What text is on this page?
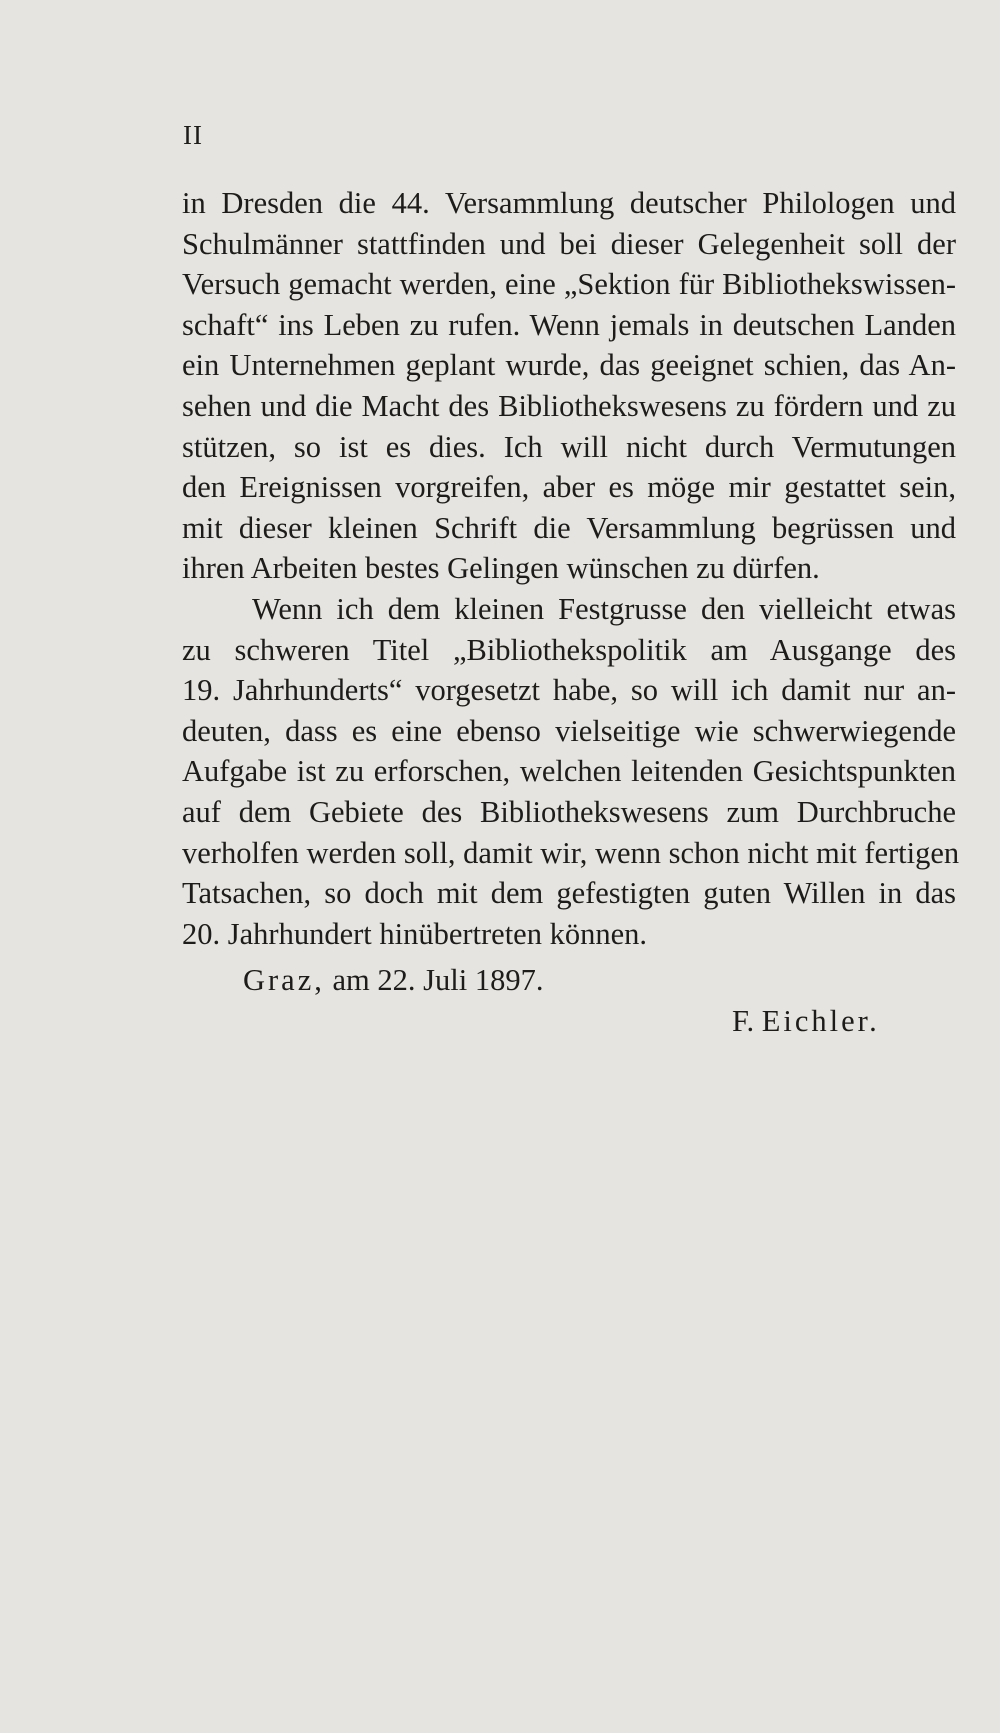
II
in Dresden die 44. Versammlung deutscher Philologen und
Schulmänner stattfinden und bei dieser Gelegenheit soll der
Versuch gemacht werden, eine „Sektion für Bibliothekswissen-
schaft“ ins Leben zu rufen. Wenn jemals in deutschen Landen
ein Unternehmen geplant wurde, das geeignet schien, das An-
sehen und die Macht des Bibliothekswesens zu fördern und zu
stützen, so ist es dies. Ich will nicht durch Vermutungen
den Ereignissen vorgreifen, aber es möge mir gestattet sein,
mit dieser kleinen Schrift die Versammlung begrüssen und
ihren Arbeiten bestes Gelingen wünschen zu dürfen.
Wenn ich dem kleinen Festgrusse den vielleicht etwas
zu schweren Titel „Bibliothekspolitik am Ausgange des
19. Jahrhunderts“ vorgesetzt habe, so will ich damit nur an-
deuten, dass es eine ebenso vielseitige wie schwerwiegende
Aufgabe ist zu erforschen, welchen leitenden Gesichtspunkten
auf dem Gebiete des Bibliothekswesens zum Durchbruche
verholfen werden soll, damit wir, wenn schon nicht mit fertigen
Tatsachen, so doch mit dem gefestigten guten Willen in das
20. Jahrhundert hinübertreten können.
Graz, am 22. Juli 1897.
F. Eichler.
